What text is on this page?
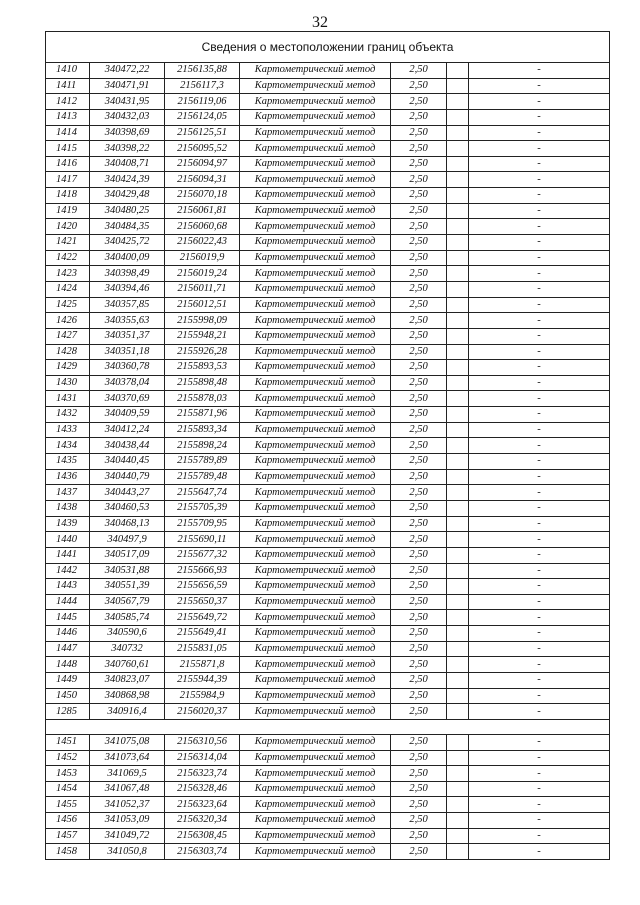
32
Сведения о местоположении границ объекта						
1410	340472,22	2156135,88	Картометрический метод	2,50		-
1411	340471,91	2156117,3	Картометрический метод	2,50		-
1412	340431,95	2156119,06	Картометрический метод	2,50		-
1413	340432,03	2156124,05	Картометрический метод	2,50		-
1414	340398,69	2156125,51	Картометрический метод	2,50		-
1415	340398,22	2156095,52	Картометрический метод	2,50		-
1416	340408,71	2156094,97	Картометрический метод	2,50		-
1417	340424,39	2156094,31	Картометрический метод	2,50		-
1418	340429,48	2156070,18	Картометрический метод	2,50		-
1419	340480,25	2156061,81	Картометрический метод	2,50		-
1420	340484,35	2156060,68	Картометрический метод	2,50		-
1421	340425,72	2156022,43	Картометрический метод	2,50		-
1422	340400,09	2156019,9	Картометрический метод	2,50		-
1423	340398,49	2156019,24	Картометрический метод	2,50		-
1424	340394,46	2156011,71	Картометрический метод	2,50		-
1425	340357,85	2156012,51	Картометрический метод	2,50		-
1426	340355,63	2155998,09	Картометрический метод	2,50		-
1427	340351,37	2155948,21	Картометрический метод	2,50		-
1428	340351,18	2155926,28	Картометрический метод	2,50		-
1429	340360,78	2155893,53	Картометрический метод	2,50		-
1430	340378,04	2155898,48	Картометрический метод	2,50		-
1431	340370,69	2155878,03	Картометрический метод	2,50		-
1432	340409,59	2155871,96	Картометрический метод	2,50		-
1433	340412,24	2155893,34	Картометрический метод	2,50		-
1434	340438,44	2155898,24	Картометрический метод	2,50		-
1435	340440,45	2155789,89	Картометрический метод	2,50		-
1436	340440,79	2155789,48	Картометрический метод	2,50		-
1437	340443,27	2155647,74	Картометрический метод	2,50		-
1438	340460,53	2155705,39	Картометрический метод	2,50		-
1439	340468,13	2155709,95	Картометрический метод	2,50		-
1440	340497,9	2155690,11	Картометрический метод	2,50		-
1441	340517,09	2155677,32	Картометрический метод	2,50		-
1442	340531,88	2155666,93	Картометрический метод	2,50		-
1443	340551,39	2155656,59	Картометрический метод	2,50		-
1444	340567,79	2155650,37	Картометрический метод	2,50		-
1445	340585,74	2155649,72	Картометрический метод	2,50		-
1446	340590,6	2155649,41	Картометрический метод	2,50		-
1447	340732	2155831,05	Картометрический метод	2,50		-
1448	340760,61	2155871,8	Картометрический метод	2,50		-
1449	340823,07	2155944,39	Картометрический метод	2,50		-
1450	340868,98	2155984,9	Картометрический метод	2,50		-
1285	340916,4	2156020,37	Картометрический метод	2,50		-

1451	341075,08	2156310,56	Картометрический метод	2,50		-
1452	341073,64	2156314,04	Картометрический метод	2,50		-
1453	341069,5	2156323,74	Картометрический метод	2,50		-
1454	341067,48	2156328,46	Картометрический метод	2,50		-
1455	341052,37	2156323,64	Картометрический метод	2,50		-
1456	341053,09	2156320,34	Картометрический метод	2,50		-
1457	341049,72	2156308,45	Картометрический метод	2,50		-
1458	341050,8	2156303,74	Картометрический метод	2,50		-
